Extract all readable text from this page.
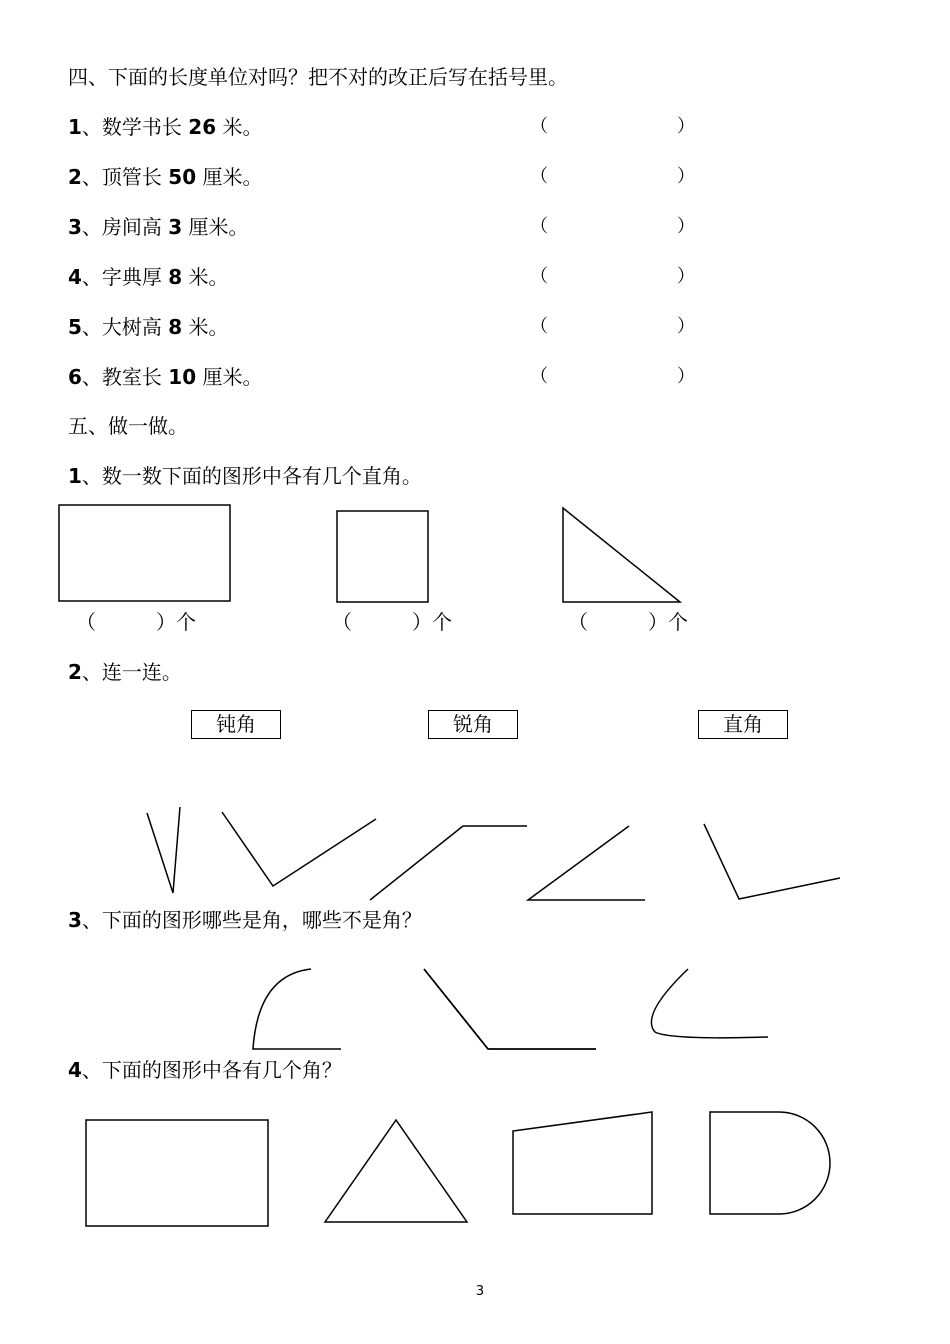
四、下面的长度单位对吗？把不对的改正后写在括号里。
1、数学书长 26 米。	（	）
2、顶管长 50 厘米。	（	）
3、房间高 3 厘米。	（	）
4、字典厚 8 米。	（	）
5、大树高 8 米。	（	）
6、教室长 10 厘米。	（	）
五、做一做。
1、数一数下面的图形中各有几个直角。
（　　　）个	（　　　）个	（　　　）个
2、连一连。
钝角	锐角	直角
3、下面的图形哪些是角，哪些不是角？
4、下面的图形中各有几个角？
3
